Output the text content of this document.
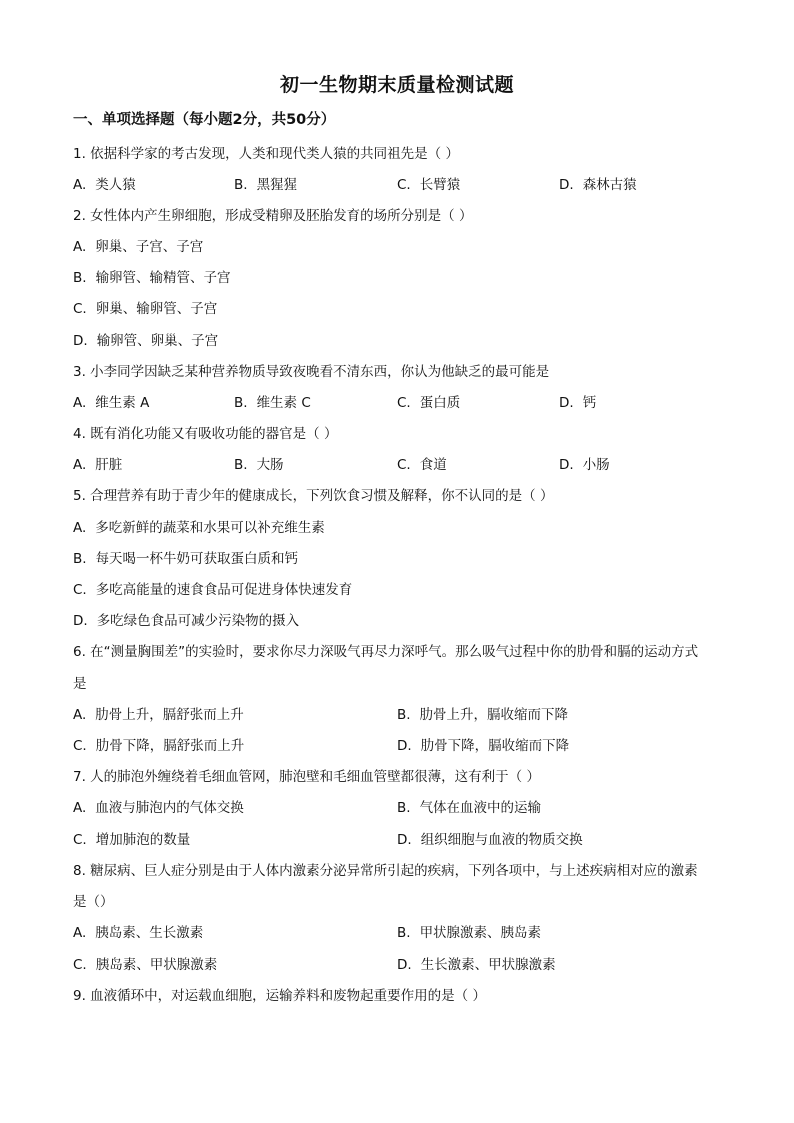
初一生物期末质量检测试题
一、单项选择题（每小题2分，共50分）
1. 依据科学家的考古发现，人类和现代类人猿的共同祖先是（ ）
A. 类人猿	B. 黑猩猩	C. 长臂猿	D. 森林古猿
2. 女性体内产生卵细胞，形成受精卵及胚胎发育的场所分别是（ ）
A. 卵巢、子宫、子宫
B. 输卵管、输精管、子宫
C. 卵巢、输卵管、子宫
D. 输卵管、卵巢、子宫
3. 小李同学因缺乏某种营养物质导致夜晚看不清东西，你认为他缺乏的最可能是
A. 维生素 A	B. 维生素 C	C. 蛋白质	D. 钙
4. 既有消化功能又有吸收功能的器官是（ ）
A. 肝脏	B. 大肠	C. 食道	D. 小肠
5. 合理营养有助于青少年的健康成长，下列饮食习惯及解释，你不认同的是（ ）
A. 多吃新鲜的蔬菜和水果可以补充维生素
B. 每天喝一杯牛奶可获取蛋白质和钙
C. 多吃高能量的速食食品可促进身体快速发育
D. 多吃绿色食品可减少污染物的摄入
6. 在“测量胸围差”的实验时，要求你尽力深吸气再尽力深呼气。那么吸气过程中你的肋骨和膈的运动方式
是
A. 肋骨上升，膈舒张而上升	B. 肋骨上升，膈收缩而下降
C. 肋骨下降，膈舒张而上升	D. 肋骨下降，膈收缩而下降
7. 人的肺泡外缠绕着毛细血管网，肺泡壁和毛细血管壁都很薄，这有利于（ ）
A. 血液与肺泡内的气体交换	B. 气体在血液中的运输
C. 增加肺泡的数量	D. 组织细胞与血液的物质交换
8. 糖尿病、巨人症分别是由于人体内激素分泌异常所引起的疾病，下列各项中，与上述疾病相对应的激素
是（）
A. 胰岛素、生长激素	B. 甲状腺激素、胰岛素
C. 胰岛素、甲状腺激素	D. 生长激素、甲状腺激素
9. 血液循环中，对运载血细胞，运输养料和废物起重要作用的是（ ）
